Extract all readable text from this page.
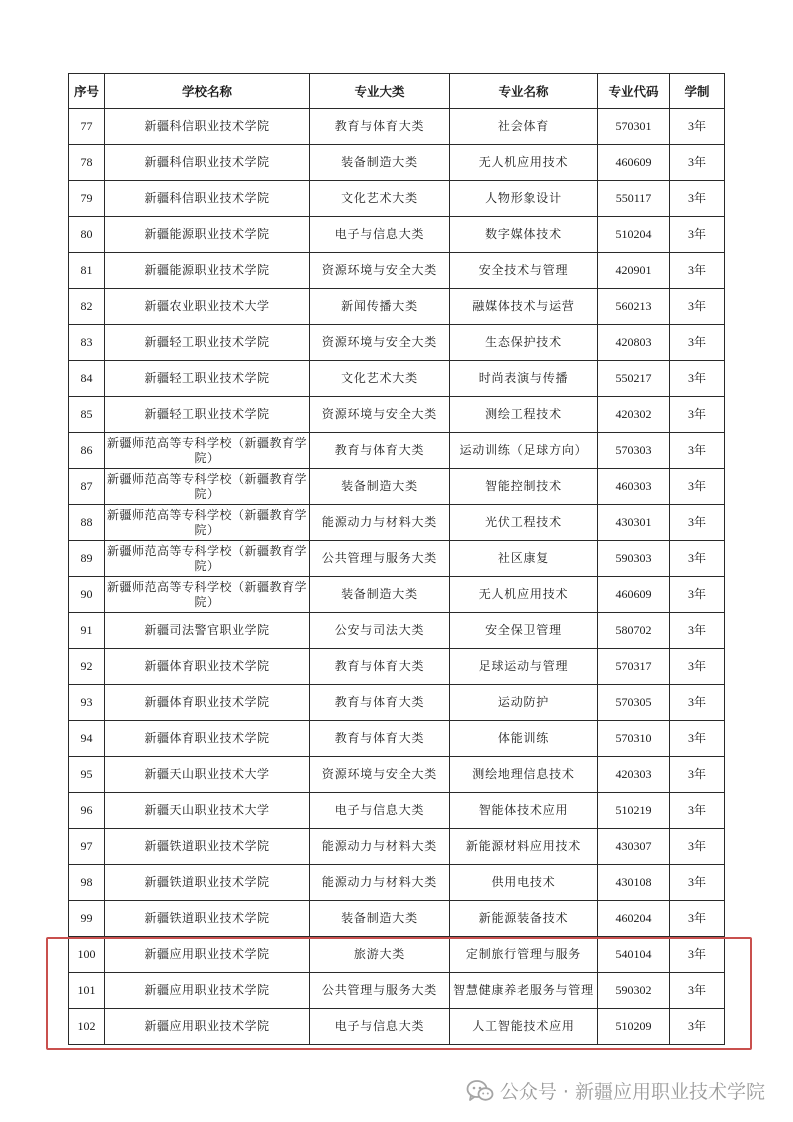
序号	学校名称	专业大类	专业名称	专业代码	学制
77	新疆科信职业技术学院	教育与体育大类	社会体育	570301	3年
78	新疆科信职业技术学院	装备制造大类	无人机应用技术	460609	3年
79	新疆科信职业技术学院	文化艺术大类	人物形象设计	550117	3年
80	新疆能源职业技术学院	电子与信息大类	数字媒体技术	510204	3年
81	新疆能源职业技术学院	资源环境与安全大类	安全技术与管理	420901	3年
82	新疆农业职业技术大学	新闻传播大类	融媒体技术与运营	560213	3年
83	新疆轻工职业技术学院	资源环境与安全大类	生态保护技术	420803	3年
84	新疆轻工职业技术学院	文化艺术大类	时尚表演与传播	550217	3年
85	新疆轻工职业技术学院	资源环境与安全大类	测绘工程技术	420302	3年
86	新疆师范高等专科学校（新疆教育学院）	教育与体育大类	运动训练（足球方向）	570303	3年
87	新疆师范高等专科学校（新疆教育学院）	装备制造大类	智能控制技术	460303	3年
88	新疆师范高等专科学校（新疆教育学院）	能源动力与材料大类	光伏工程技术	430301	3年
89	新疆师范高等专科学校（新疆教育学院）	公共管理与服务大类	社区康复	590303	3年
90	新疆师范高等专科学校（新疆教育学院）	装备制造大类	无人机应用技术	460609	3年
91	新疆司法警官职业学院	公安与司法大类	安全保卫管理	580702	3年
92	新疆体育职业技术学院	教育与体育大类	足球运动与管理	570317	3年
93	新疆体育职业技术学院	教育与体育大类	运动防护	570305	3年
94	新疆体育职业技术学院	教育与体育大类	体能训练	570310	3年
95	新疆天山职业技术大学	资源环境与安全大类	测绘地理信息技术	420303	3年
96	新疆天山职业技术大学	电子与信息大类	智能体技术应用	510219	3年
97	新疆铁道职业技术学院	能源动力与材料大类	新能源材料应用技术	430307	3年
98	新疆铁道职业技术学院	能源动力与材料大类	供用电技术	430108	3年
99	新疆铁道职业技术学院	装备制造大类	新能源装备技术	460204	3年
100	新疆应用职业技术学院	旅游大类	定制旅行管理与服务	540104	3年
101	新疆应用职业技术学院	公共管理与服务大类	智慧健康养老服务与管理	590302	3年
102	新疆应用职业技术学院	电子与信息大类	人工智能技术应用	510209	3年
公众号 · 新疆应用职业技术学院
